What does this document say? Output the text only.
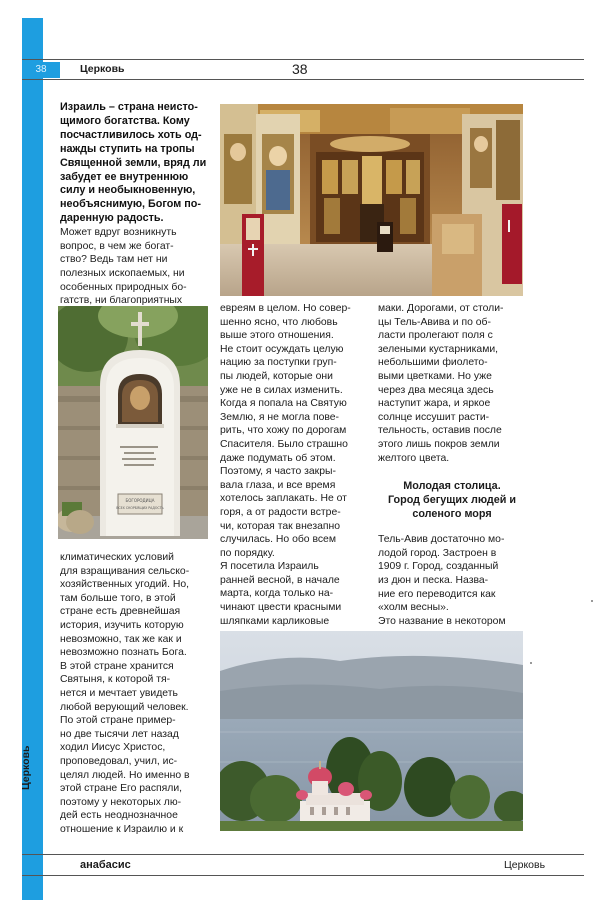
38	Церковь	38
Церковь

Израиль – страна неисто-

щимого богатства. Кому

посчастливилось хоть од-

нажды ступить на тропы

Священной земли, вряд ли

забудет ее внутреннюю

силу и необыкновенную,

необъяснимую, Богом по-

даренную радость.

Может вдруг возникнуть

вопрос, в чем же богат-

ство? Ведь там нет ни

полезных ископаемых, ни

особенных природных бо-

гатств, ни благоприятных

БОГОРОДИЦА
ВСЕХ СКОРБЯЩИХ РАДОСТЬ

климатических условий

для взращивания сельско-

хозяйственных угодий. Но,

там больше того, в этой

стране есть древнейшая

история, изучить которую

невозможно, так же как и

невозможно познать Бога.

В этой стране хранится

Святыня, к которой тя-

нется и мечтает увидеть

любой верующий человек.

По этой стране пример-

но две тысячи лет назад

ходил Иисус Христос,

проповедовал, учил, ис-

целял людей. Но именно в

этой стране Его распяли,

поэтому у некоторых лю-

дей есть неоднозначное

отношение к Израилю и к

евреям в целом. Но совер-

шенно ясно, что любовь

выше этого отношения.

Не стоит осуждать целую

нацию за поступки груп-

пы людей, которые они

уже не в силах изменить.

Когда я попала на Святую

Землю, я не могла пове-

рить, что хожу по дорогам

Спасителя. Было страшно

даже подумать об этом.

Поэтому, я часто закры-

вала глаза, и все время

хотелось заплакать. Не от

горя, а от радости встре-

чи, которая так внезапно

случилась. Но обо всем

по порядку.

Я посетила Израиль

ранней весной, в начале

марта, когда только на-

чинают цвести красными

шляпками карликовые

маки. Дорогами, от столи-

цы Тель-Авива и по об-

ласти пролегают поля с

зелеными кустарниками,

небольшими фиолето-

выми цветками. Но уже

через два месяца здесь

наступит жара, и яркое

солнце иссушит расти-

тельность, оставив после

этого лишь покров земли

желтого цвета.

Молодая столица.

Город бегущих людей и

соленого моря

Тель-Авив достаточно мо-

лодой город. Застроен в

1909 г. Город, созданный

из дюн и песка. Назва-

ние его переводится как

«холм весны».

Это название в некотором

анабасис	Церковь
